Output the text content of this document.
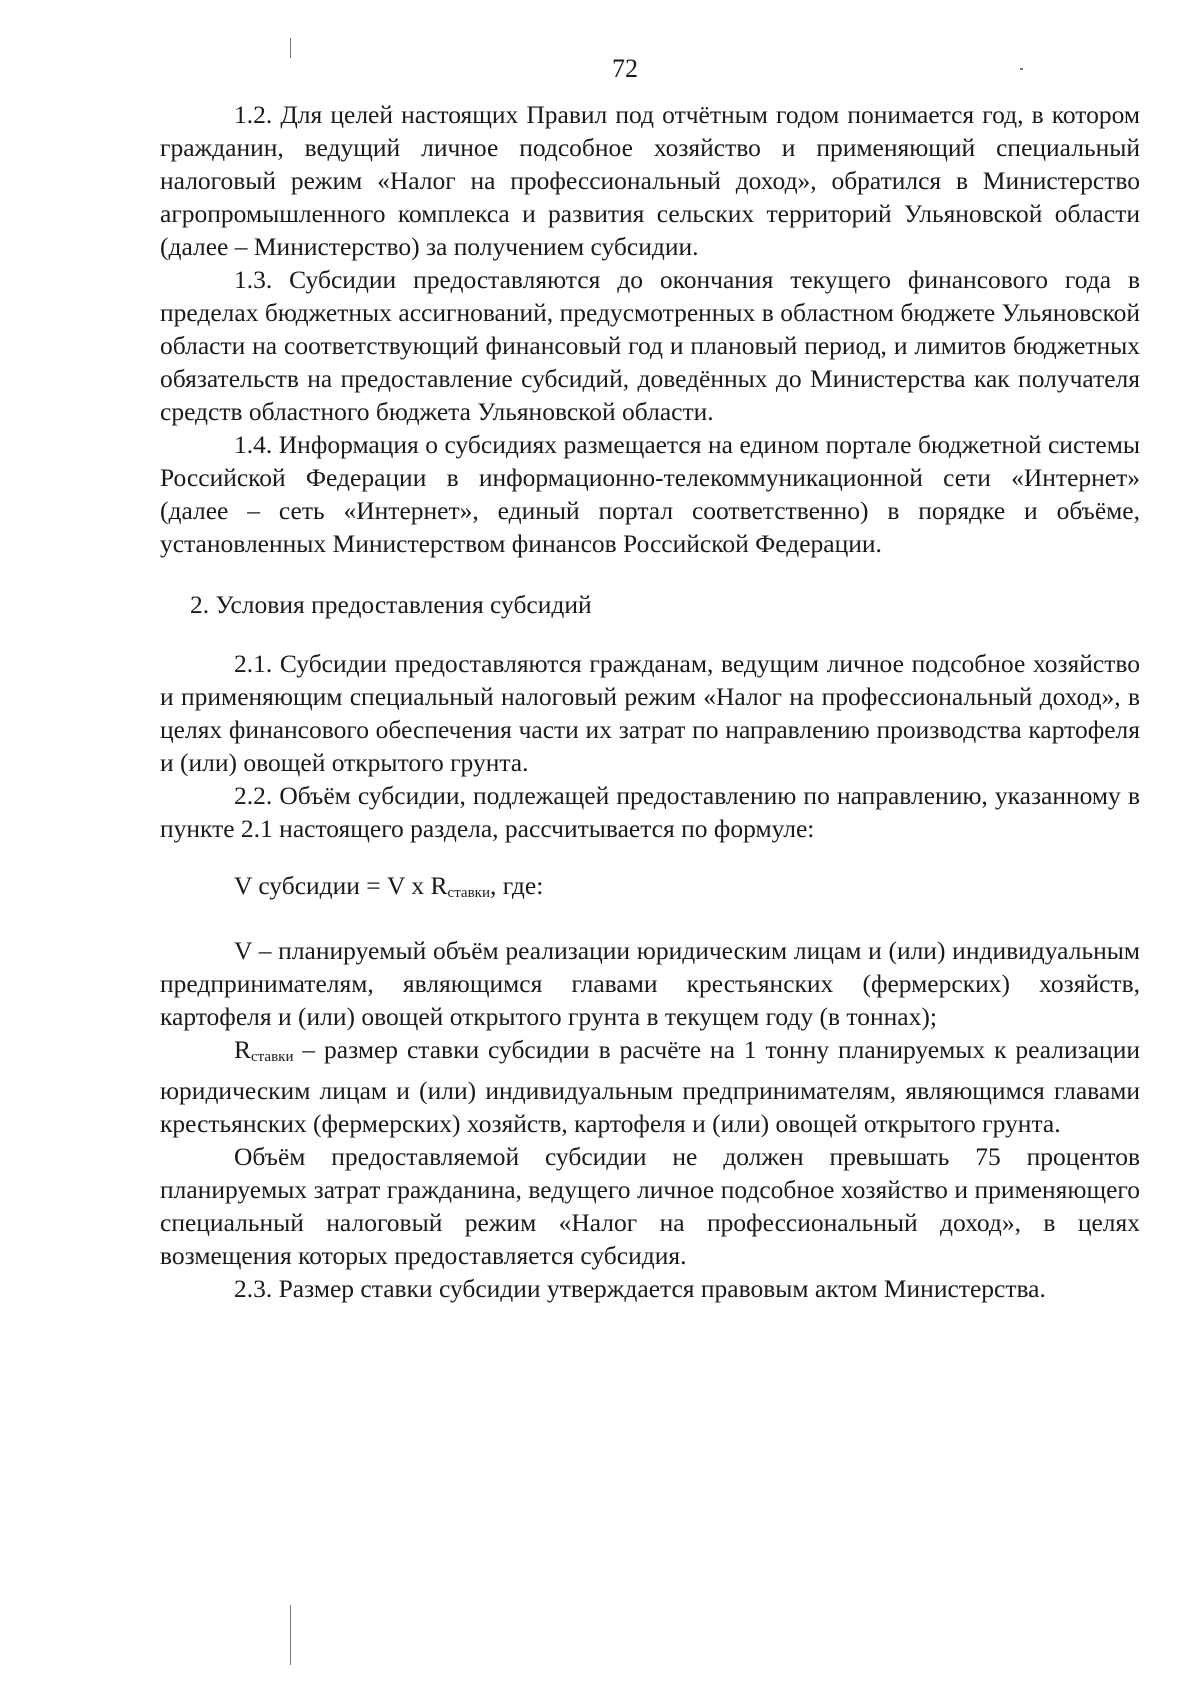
72

1.2. Для целей настоящих Правил под отчётным годом понимается год, в котором гражданин, ведущий личное подсобное хозяйство и применяющий специальный налоговый режим «Налог на профессиональный доход», обратился в Министерство агропромышленного комплекса и развития сельских территорий Ульяновской области (далее – Министерство) за получением субсидии.

1.3. Субсидии предоставляются до окончания текущего финансового года в пределах бюджетных ассигнований, предусмотренных в областном бюджете Ульяновской области на соответствующий финансовый год и плановый период, и лимитов бюджетных обязательств на предоставление субсидий, доведённых до Министерства как получателя средств областного бюджета Ульяновской области.

1.4. Информация о субсидиях размещается на едином портале бюджетной системы Российской Федерации в информационно-телекоммуникационной сети «Интернет» (далее – сеть «Интернет», единый портал соответственно) в порядке и объёме, установленных Министерством финансов Российской Федерации.

2. Условия предоставления субсидий

2.1. Субсидии предоставляются гражданам, ведущим личное подсобное хозяйство и применяющим специальный налоговый режим «Налог на профессиональный доход», в целях финансового обеспечения части их затрат по направлению производства картофеля и (или) овощей открытого грунта.

2.2. Объём субсидии, подлежащей предоставлению по направлению, указанному в пункте 2.1 настоящего раздела, рассчитывается по формуле:

V субсидии = V х $R_{ставки}$, где:

V – планируемый объём реализации юридическим лицам и (или) индивидуальным предпринимателям, являющимся главами крестьянских (фермерских) хозяйств, картофеля и (или) овощей открытого грунта в текущем году (в тоннах);

$R_{ставки}$ – размер ставки субсидии в расчёте на 1 тонну планируемых к реализации юридическим лицам и (или) индивидуальным предпринимателям, являющимся главами крестьянских (фермерских) хозяйств, картофеля и (или) овощей открытого грунта.

Объём предоставляемой субсидии не должен превышать 75 процентов планируемых затрат гражданина, ведущего личное подсобное хозяйство и применяющего специальный налоговый режим «Налог на профессиональный доход», в целях возмещения которых предоставляется субсидия.

2.3. Размер ставки субсидии утверждается правовым актом Министерства.
